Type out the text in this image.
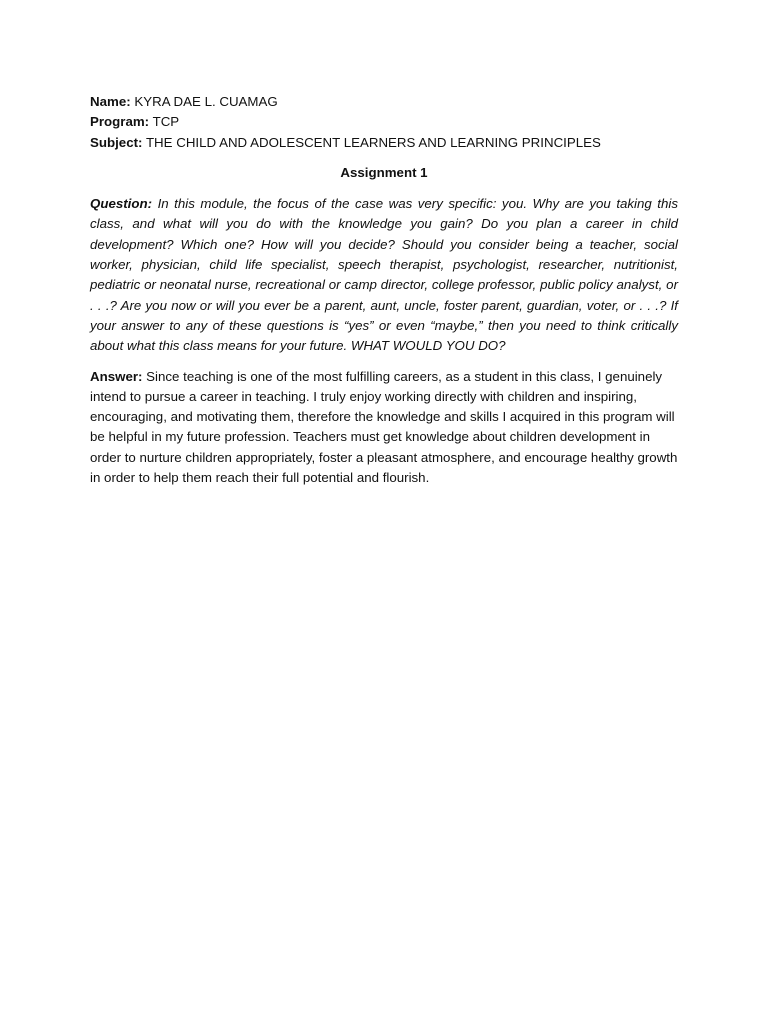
Name: KYRA DAE L. CUAMAG

Program: TCP

Subject: THE CHILD AND ADOLESCENT LEARNERS AND LEARNING PRINCIPLES

Assignment 1

Question: In this module, the focus of the case was very specific: you. Why are you taking this class, and what will you do with the knowledge you gain? Do you plan a career in child development? Which one? How will you decide? Should you consider being a teacher, social worker, physician, child life specialist, speech therapist, psychologist, researcher, nutritionist, pediatric or neonatal nurse, recreational or camp director, college professor, public policy analyst, or . . .? Are you now or will you ever be a parent, aunt, uncle, foster parent, guardian, voter, or . . .? If your answer to any of these questions is “yes” or even “maybe,” then you need to think critically about what this class means for your future. WHAT WOULD YOU DO?

Answer: Since teaching is one of the most fulfilling careers, as a student in this class, I genuinely intend to pursue a career in teaching. I truly enjoy working directly with children and inspiring, encouraging, and motivating them, therefore the knowledge and skills I acquired in this program will be helpful in my future profession. Teachers must get knowledge about children development in order to nurture children appropriately, foster a pleasant atmosphere, and encourage healthy growth in order to help them reach their full potential and flourish.
